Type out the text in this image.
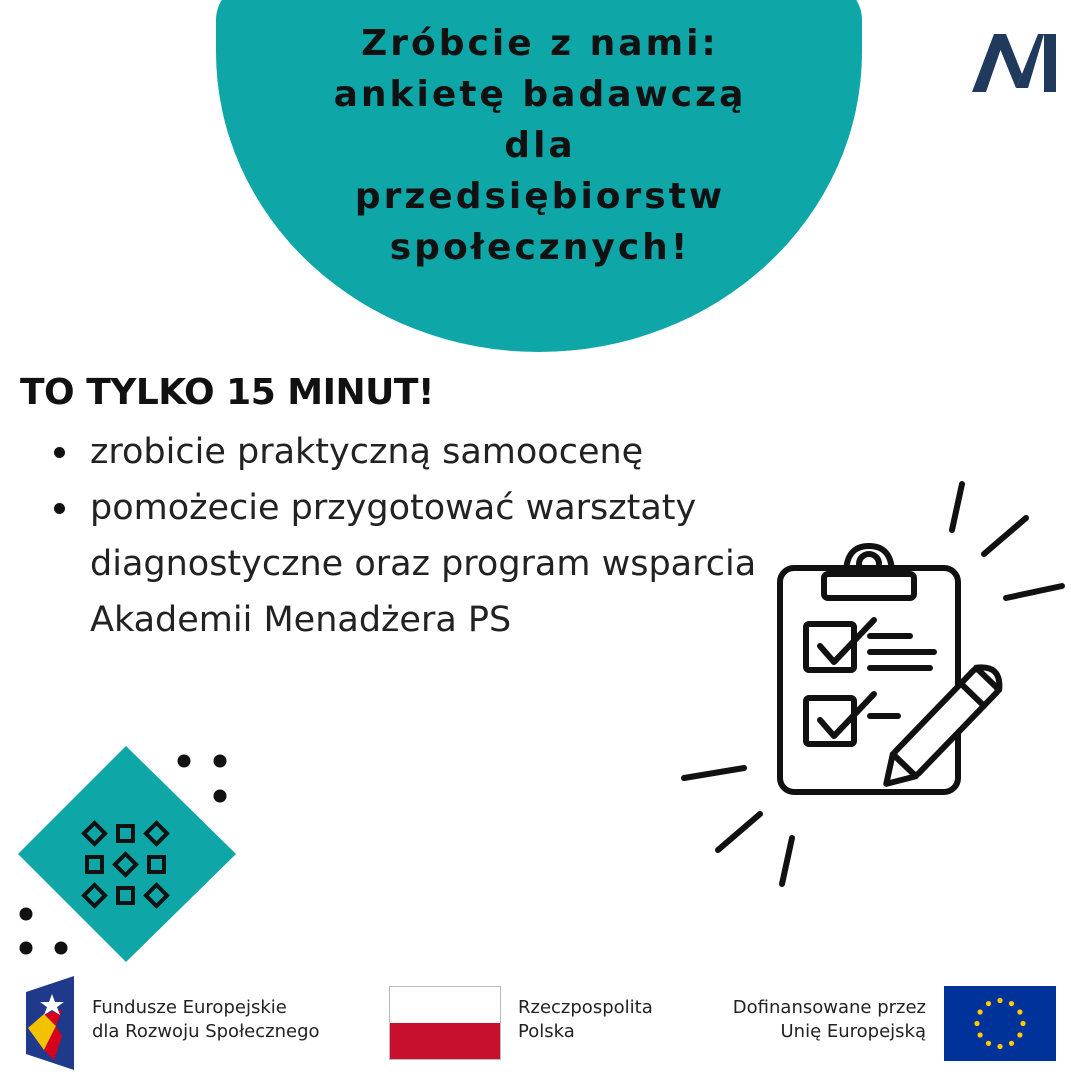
Zróbcie z nami:
ankietę badawczą
dla
przedsiębiorstw
społecznych!
TO TYLKO 15 MINUT!
zrobicie praktyczną samoocenę
pomożecie przygotować warsztaty diagnostyczne oraz program wsparcia Akademii Menadżera PS
Fundusze Europejskie
dla Rozwoju Społecznego
Rzeczpospolita
Polska
Dofinansowane przez
Unię Europejską
